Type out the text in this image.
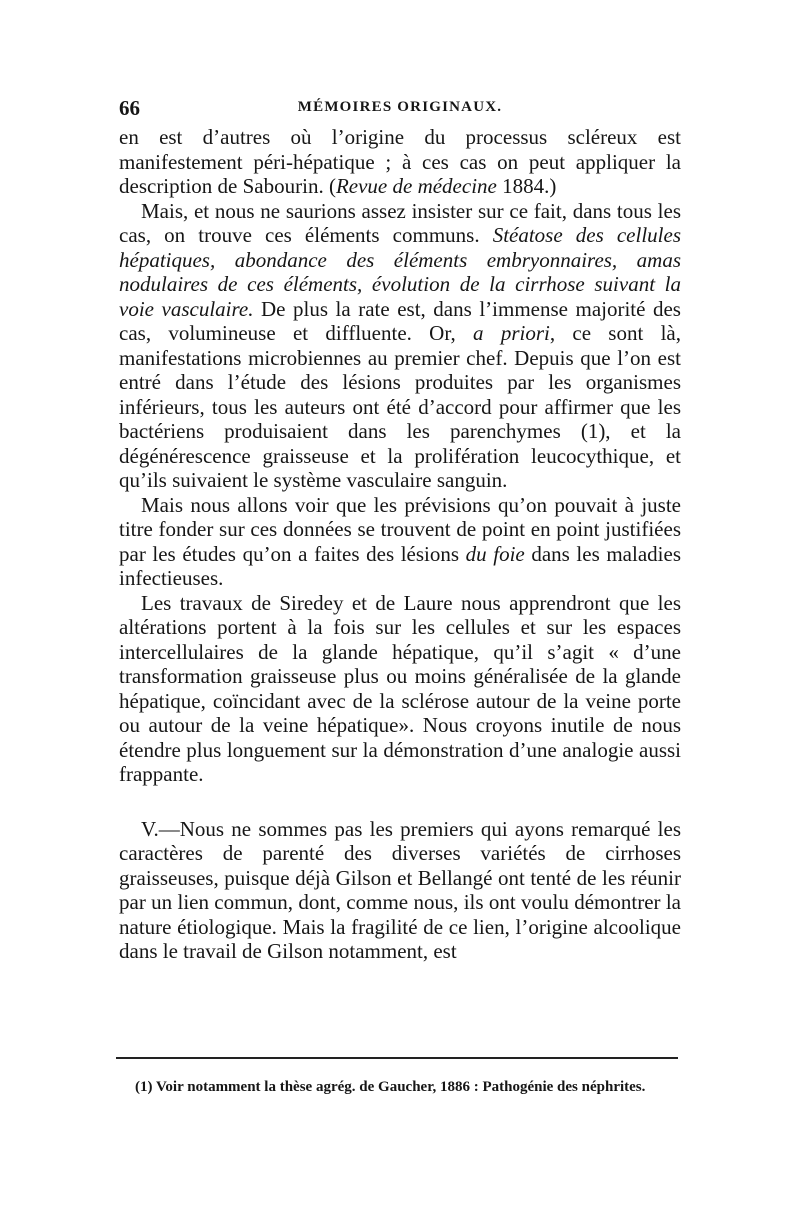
66	MÉMOIRES ORIGINAUX.

en est d’autres où l’origine du processus scléreux est manifestement péri-hépatique ; à ces cas on peut appliquer la description de Sabourin. (Revue de médecine 1884.)

Mais, et nous ne saurions assez insister sur ce fait, dans tous les cas, on trouve ces éléments communs. Stéatose des cellules hépatiques, abondance des éléments embryonnaires, amas nodulaires de ces éléments, évolution de la cirrhose suivant la voie vasculaire. De plus la rate est, dans l’immense majorité des cas, volumineuse et diffluente. Or, a priori, ce sont là, manifestations microbiennes au premier chef. Depuis que l’on est entré dans l’étude des lésions produites par les organismes inférieurs, tous les auteurs ont été d’accord pour affirmer que les bactériens produisaient dans les parenchymes (1), et la dégénérescence graisseuse et la prolifération leucocythique, et qu’ils suivaient le système vasculaire sanguin.

Mais nous allons voir que les prévisions qu’on pouvait à juste titre fonder sur ces données se trouvent de point en point justifiées par les études qu’on a faites des lésions du foie dans les maladies infectieuses.

Les travaux de Siredey et de Laure nous apprendront que les altérations portent à la fois sur les cellules et sur les espaces intercellulaires de la glande hépatique, qu’il s’agit « d’une transformation graisseuse plus ou moins généralisée de la glande hépatique, coïncidant avec de la sclérose autour de la veine porte ou autour de la veine hépatique». Nous croyons inutile de nous étendre plus longuement sur la démonstration d’une analogie aussi frappante.

V.—Nous ne sommes pas les premiers qui ayons remarqué les caractères de parenté des diverses variétés de cirrhoses graisseuses, puisque déjà Gilson et Bellangé ont tenté de les réunir par un lien commun, dont, comme nous, ils ont voulu démontrer la nature étiologique. Mais la fragilité de ce lien, l’origine alcoolique dans le travail de Gilson notamment, est

(1) Voir notamment la thèse agrég. de Gaucher, 1886 : Pathogénie des néphrites.
